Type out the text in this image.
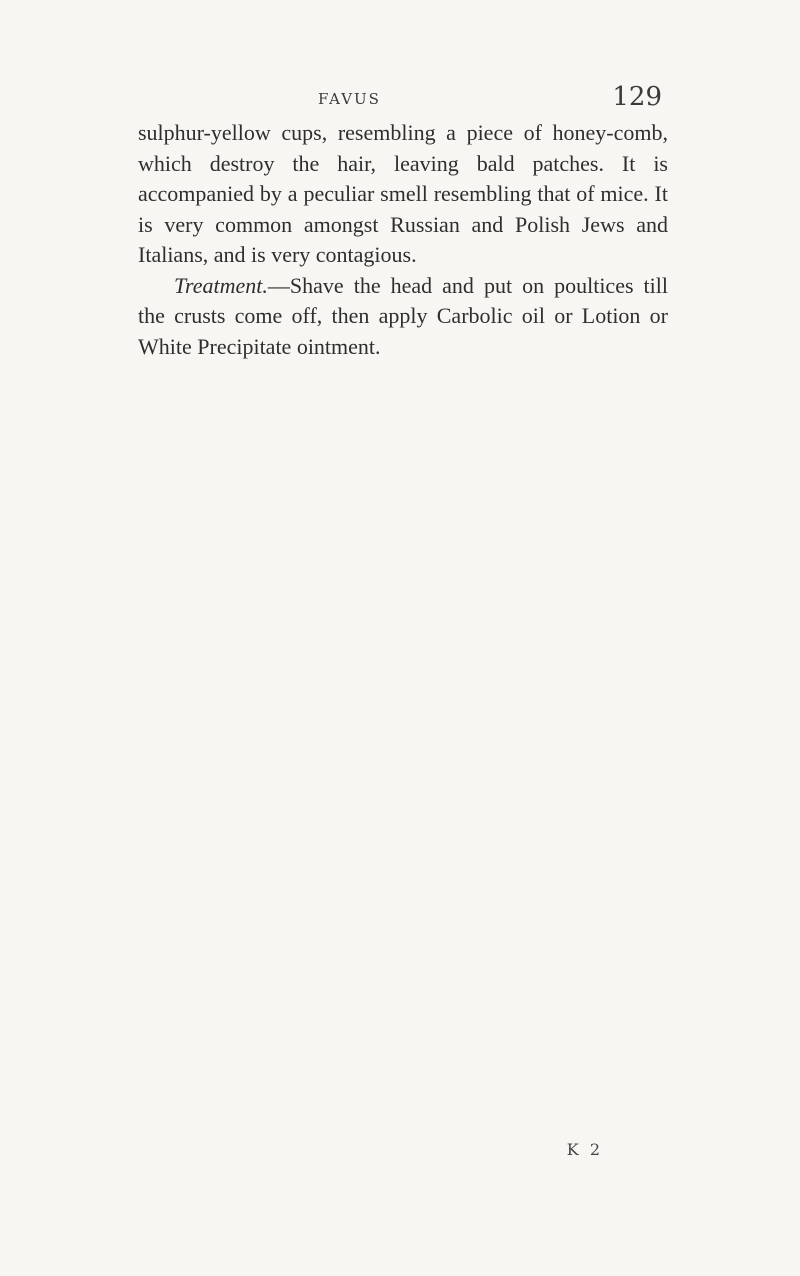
FAVUS	129

sulphur-yellow cups, resembling a piece of honey-comb, which destroy the hair, leaving bald patches. It is accompanied by a peculiar smell resembling that of mice. It is very common amongst Russian and Polish Jews and Italians, and is very contagious.

Treatment.—Shave the head and put on poultices till the crusts come off, then apply Carbolic oil or Lotion or White Precipitate ointment.

K 2
